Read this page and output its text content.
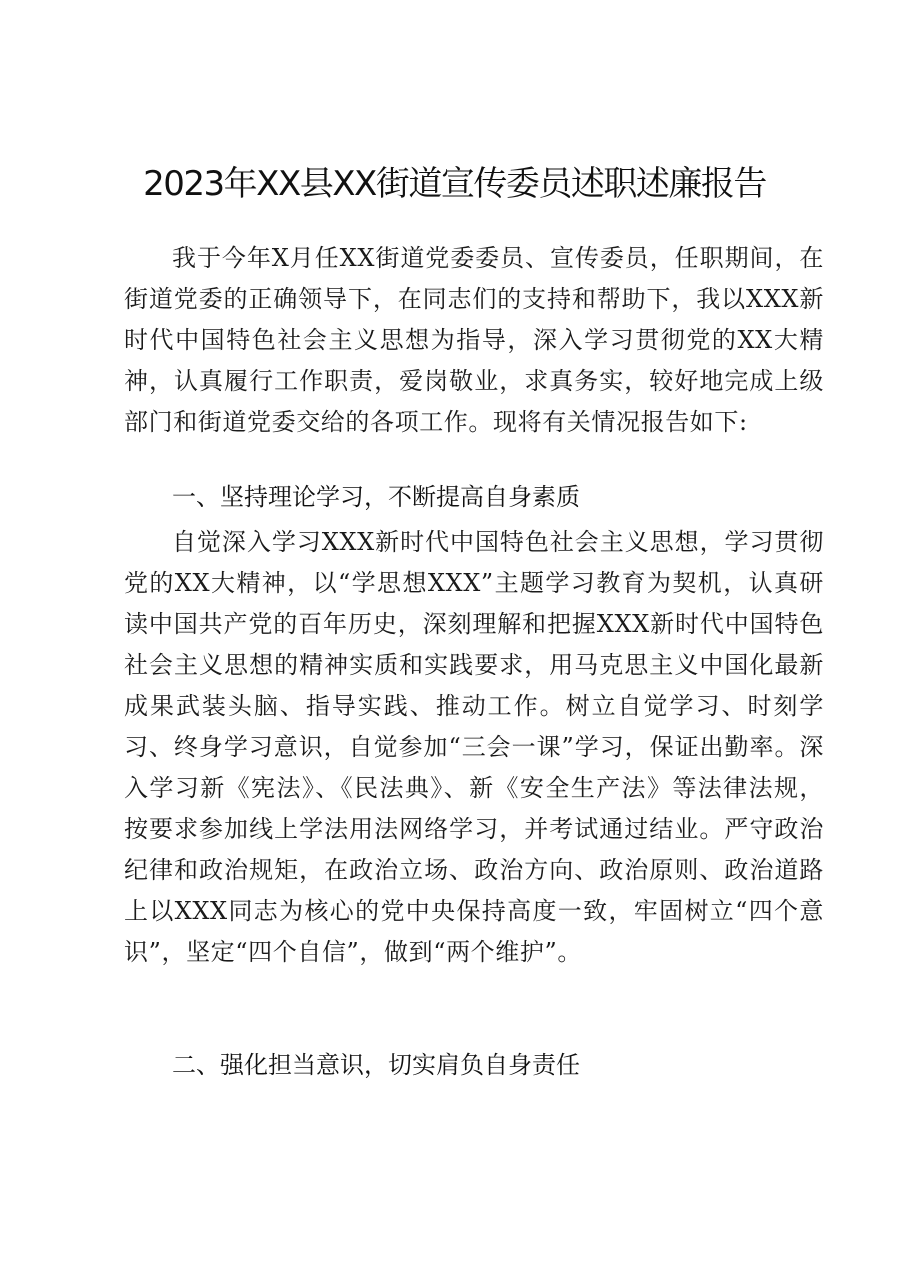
2023年XX县XX街道宣传委员述职述廉报告

我于今年X月任XX街道党委委员、宣传委员，任职期间，在街道党委的正确领导下，在同志们的支持和帮助下，我以XXX新时代中国特色社会主义思想为指导，深入学习贯彻党的XX大精神，认真履行工作职责，爱岗敬业，求真务实，较好地完成上级部门和街道党委交给的各项工作。现将有关情况报告如下:

一、坚持理论学习，不断提高自身素质

自觉深入学习XXX新时代中国特色社会主义思想，学习贯彻党的XX大精神，以“学思想XXX”主题学习教育为契机，认真研读中国共产党的百年历史，深刻理解和把握XXX新时代中国特色社会主义思想的精神实质和实践要求，用马克思主义中国化最新成果武装头脑、指导实践、推动工作。树立自觉学习、时刻学习、终身学习意识，自觉参加“三会一课”学习，保证出勤率。深入学习新《宪法》、《民法典》、新《安全生产法》等法律法规，按要求参加线上学法用法网络学习，并考试通过结业。严守政治纪律和政治规矩，在政治立场、政治方向、政治原则、政治道路上以XXX同志为核心的党中央保持高度一致，牢固树立“四个意识”，坚定“四个自信”，做到“两个维护”。

二、强化担当意识，切实肩负自身责任
